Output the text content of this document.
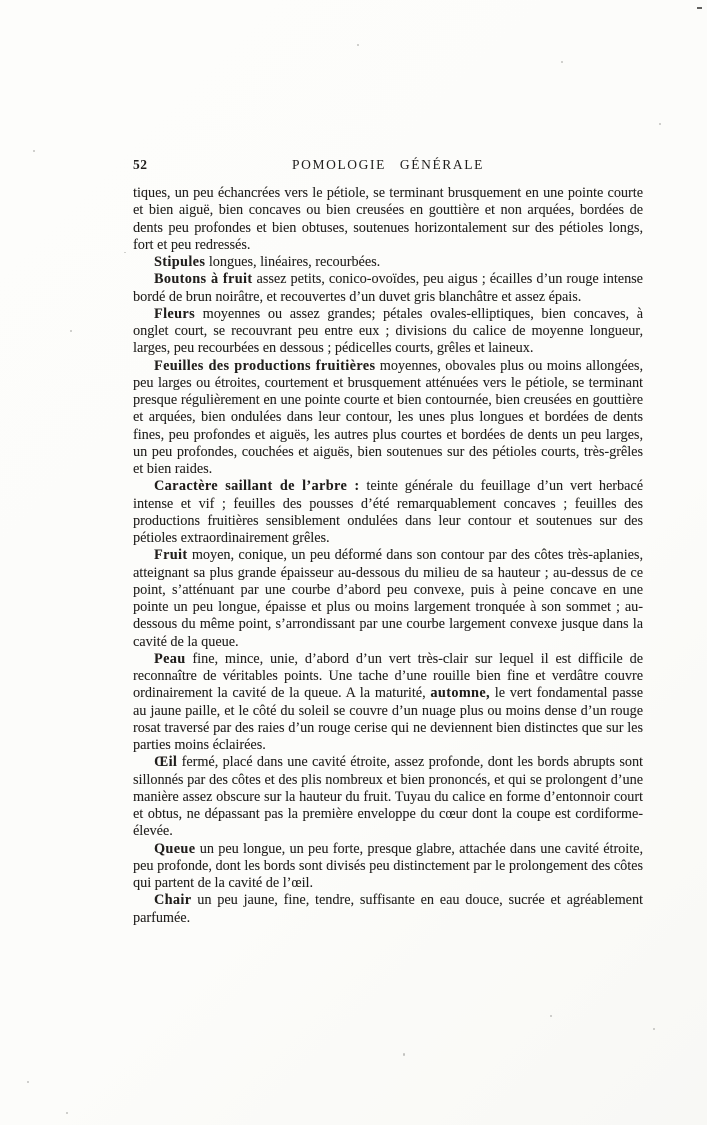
52	POMOLOGIE GÉNÉRALE

tiques, un peu échancrées vers le pétiole, se terminant brusquement en une pointe courte et bien aiguë, bien concaves ou bien creusées en gouttière et non arquées, bordées de dents peu profondes et bien obtuses, soutenues horizontalement sur des pétioles longs, fort et peu redressés.

Stipules longues, linéaires, recourbées.

Boutons à fruit assez petits, conico-ovoïdes, peu aigus ; écailles d’un rouge intense bordé de brun noirâtre, et recouvertes d’un duvet gris blanchâtre et assez épais.

Fleurs moyennes ou assez grandes; pétales ovales-elliptiques, bien concaves, à onglet court, se recouvrant peu entre eux ; divisions du calice de moyenne longueur, larges, peu recourbées en dessous ; pédicelles courts, grêles et laineux.

Feuilles des productions fruitières moyennes, obovales plus ou moins allongées, peu larges ou étroites, courtement et brusquement atténuées vers le pétiole, se terminant presque régulièrement en une pointe courte et bien contournée, bien creusées en gouttière et arquées, bien ondulées dans leur contour, les unes plus longues et bordées de dents fines, peu profondes et aiguës, les autres plus courtes et bordées de dents un peu larges, un peu profondes, couchées et aiguës, bien soutenues sur des pétioles courts, très-grêles et bien raides.

Caractère saillant de l’arbre : teinte générale du feuillage d’un vert herbacé intense et vif ; feuilles des pousses d’été remarquablement concaves ; feuilles des productions fruitières sensiblement ondulées dans leur contour et soutenues sur des pétioles extraordinairement grêles.

Fruit moyen, conique, un peu déformé dans son contour par des côtes très-aplanies, atteignant sa plus grande épaisseur au-dessous du milieu de sa hauteur ; au-dessus de ce point, s’atténuant par une courbe d’abord peu convexe, puis à peine concave en une pointe un peu longue, épaisse et plus ou moins largement tronquée à son sommet ; au-dessous du même point, s’arrondissant par une courbe largement convexe jusque dans la cavité de la queue.

Peau fine, mince, unie, d’abord d’un vert très-clair sur lequel il est difficile de reconnaître de véritables points. Une tache d’une rouille bien fine et verdâtre couvre ordinairement la cavité de la queue. A la maturité, automne, le vert fondamental passe au jaune paille, et le côté du soleil se couvre d’un nuage plus ou moins dense d’un rouge rosat traversé par des raies d’un rouge cerise qui ne deviennent bien distinctes que sur les parties moins éclairées.

Œil fermé, placé dans une cavité étroite, assez profonde, dont les bords abrupts sont sillonnés par des côtes et des plis nombreux et bien prononcés, et qui se prolongent d’une manière assez obscure sur la hauteur du fruit. Tuyau du calice en forme d’entonnoir court et obtus, ne dépassant pas la première enveloppe du cœur dont la coupe est cordiforme-élevée.

Queue un peu longue, un peu forte, presque glabre, attachée dans une cavité étroite, peu profonde, dont les bords sont divisés peu distinctement par le prolongement des côtes qui partent de la cavité de l’œil.

Chair un peu jaune, fine, tendre, suffisante en eau douce, sucrée et agréablement parfumée.
